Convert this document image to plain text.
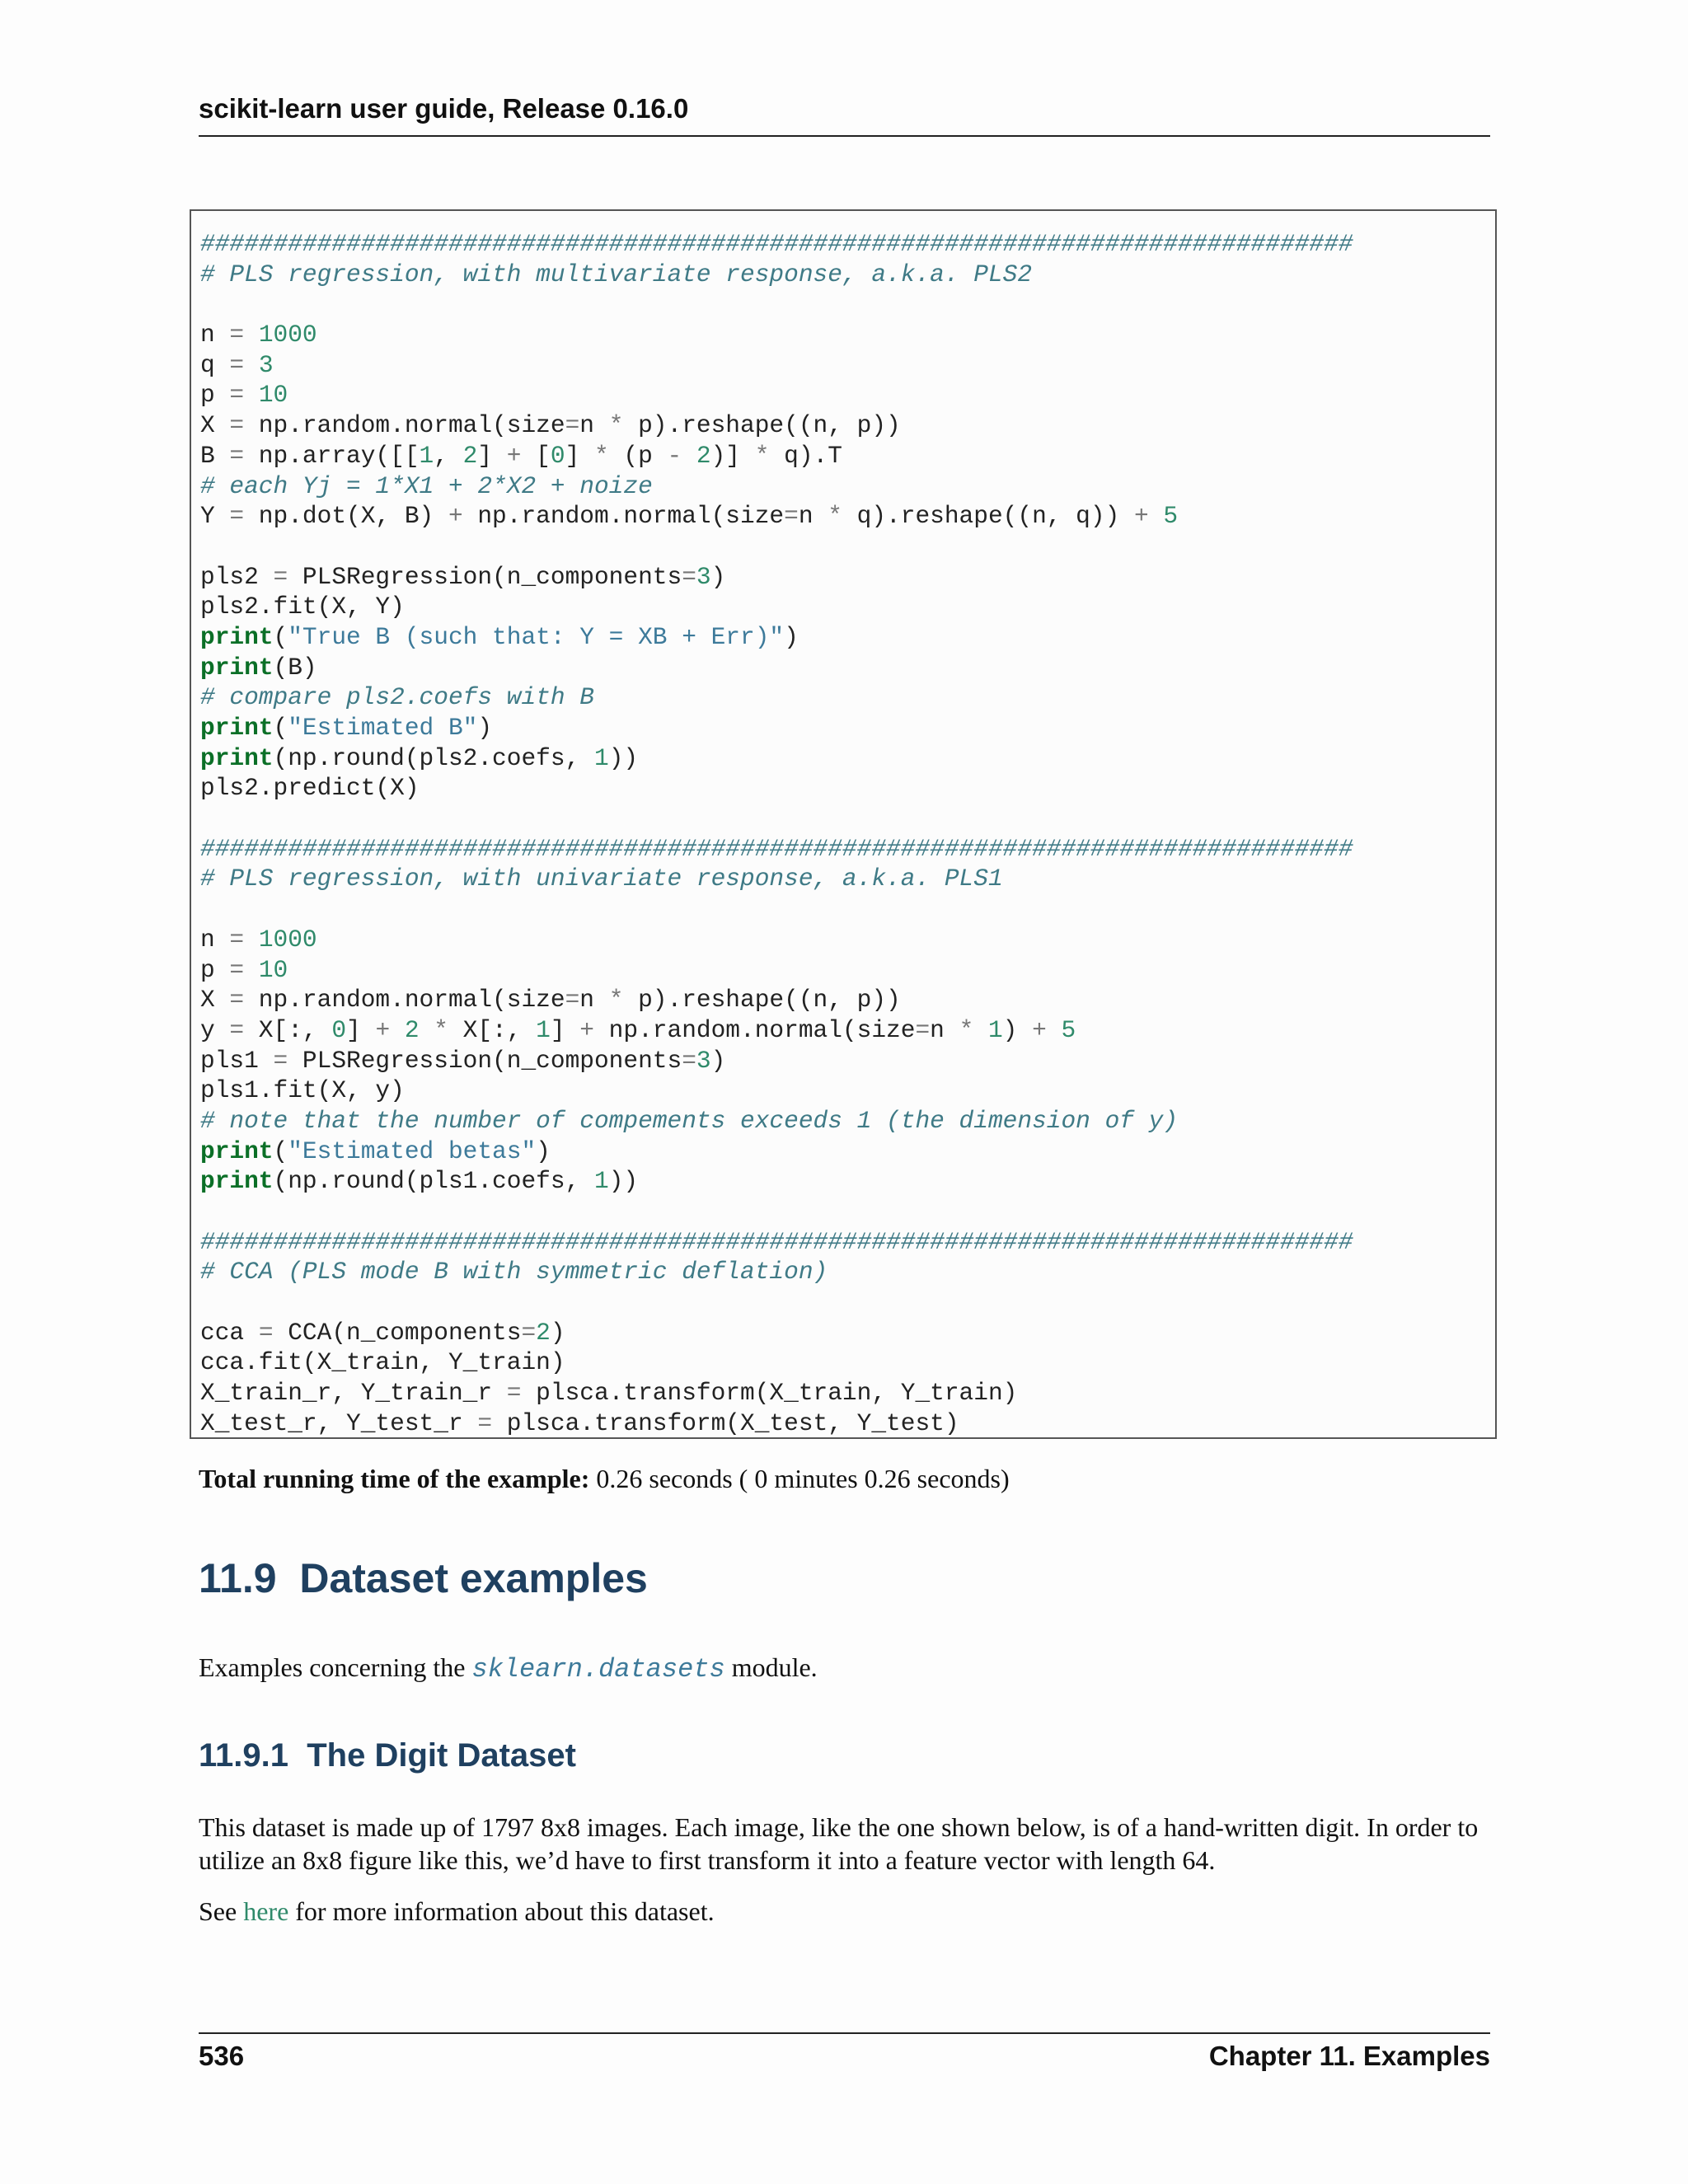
scikit-learn user guide, Release 0.16.0
###############################################################################
# PLS regression, with multivariate response, a.k.a. PLS2
n = 1000
q = 3
p = 10
X = np.random.normal(size=n * p).reshape((n, p))
B = np.array([[1, 2] + [0] * (p - 2)] * q).T
# each Yj = 1*X1 + 2*X2 + noize
Y = np.dot(X, B) + np.random.normal(size=n * q).reshape((n, q)) + 5
pls2 = PLSRegression(n_components=3)
pls2.fit(X, Y)
print("True B (such that: Y = XB + Err)")
print(B)
# compare pls2.coefs with B
print("Estimated B")
print(np.round(pls2.coefs, 1))
pls2.predict(X)
###############################################################################
# PLS regression, with univariate response, a.k.a. PLS1
n = 1000
p = 10
X = np.random.normal(size=n * p).reshape((n, p))
y = X[:, 0] + 2 * X[:, 1] + np.random.normal(size=n * 1) + 5
pls1 = PLSRegression(n_components=3)
pls1.fit(X, y)
# note that the number of compements exceeds 1 (the dimension of y)
print("Estimated betas")
print(np.round(pls1.coefs, 1))
###############################################################################
# CCA (PLS mode B with symmetric deflation)
cca = CCA(n_components=2)
cca.fit(X_train, Y_train)
X_train_r, Y_train_r = plsca.transform(X_train, Y_train)
X_test_r, Y_test_r = plsca.transform(X_test, Y_test)
Total running time of the example: 0.26 seconds ( 0 minutes 0.26 seconds)
11.9 Dataset examples
Examples concerning the sklearn.datasets module.
11.9.1 The Digit Dataset
This dataset is made up of 1797 8x8 images. Each image, like the one shown below, is of a hand-written digit. In order to utilize an 8x8 figure like this, we’d have to first transform it into a feature vector with length 64.
See here for more information about this dataset.
536	Chapter 11. Examples
